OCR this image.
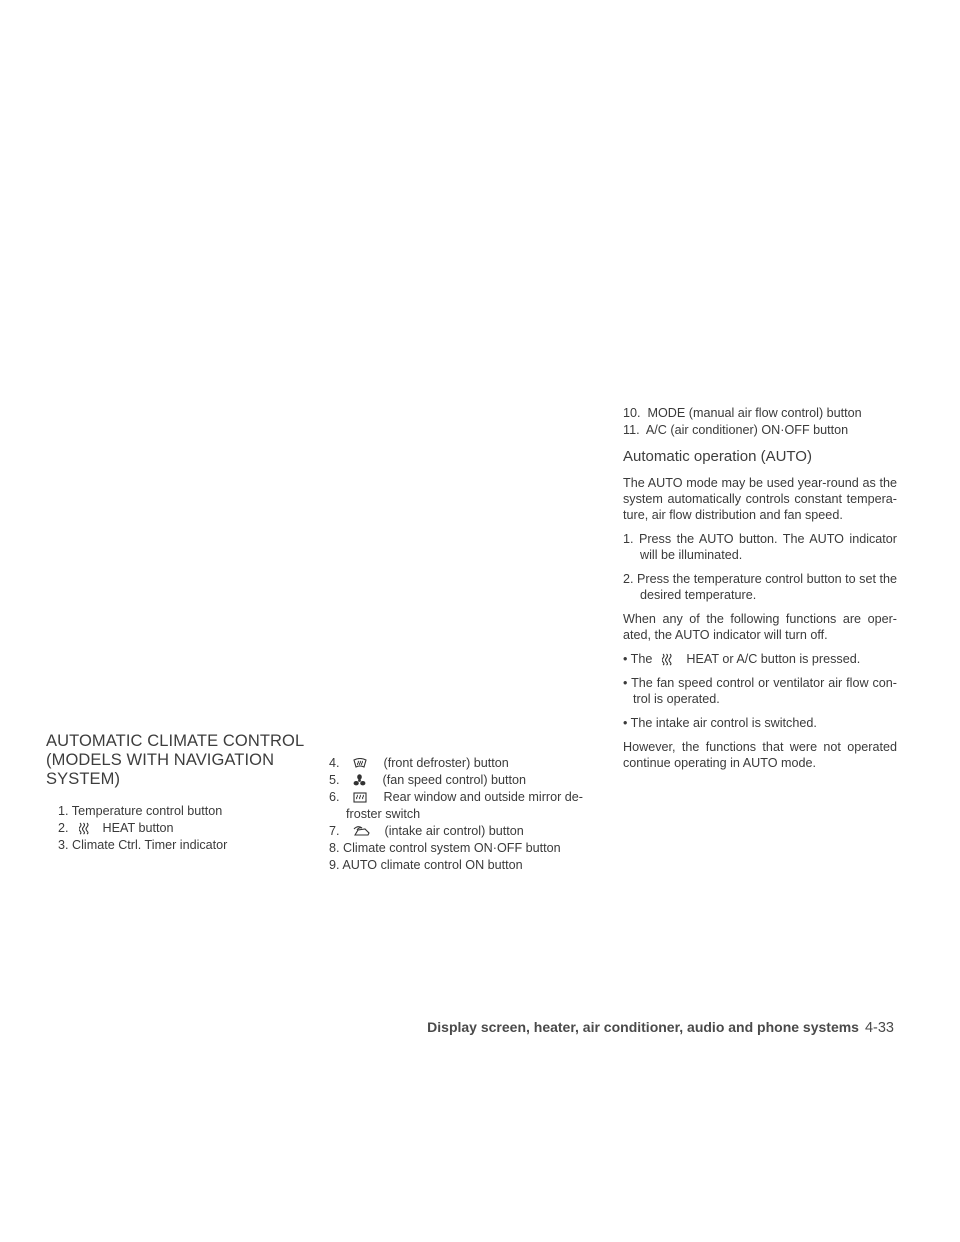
AUTOMATIC CLIMATE CONTROL
(MODELS WITH NAVIGATION
SYSTEM)
1. Temperature control button
2.	HEAT button
3. Climate Ctrl. Timer indicator
4.	(front defroster) button
5.	(fan speed control) button
6.	Rear window and outside mirror de-
froster switch
7.	(intake air control) button
8. Climate control system ON·OFF button
9. AUTO climate control ON button
10. MODE (manual air flow control) button
11. A/C (air conditioner) ON·OFF button
Automatic operation (AUTO)

The AUTO mode may be used year-round as the system automatically controls constant tempera-ture, air flow distribution and fan speed.

1. Press the AUTO button. The AUTO indicator will be illuminated.
2. Press the temperature control button to set the desired temperature.

When any of the following functions are oper-ated, the AUTO indicator will turn off.

• The	HEAT or A/C button is pressed.
• The fan speed control or ventilator air flow con-trol is operated.
• The intake air control is switched.

However, the functions that were not operated continue operating in AUTO mode.

Display screen, heater, air conditioner, audio and phone systems 4-33
